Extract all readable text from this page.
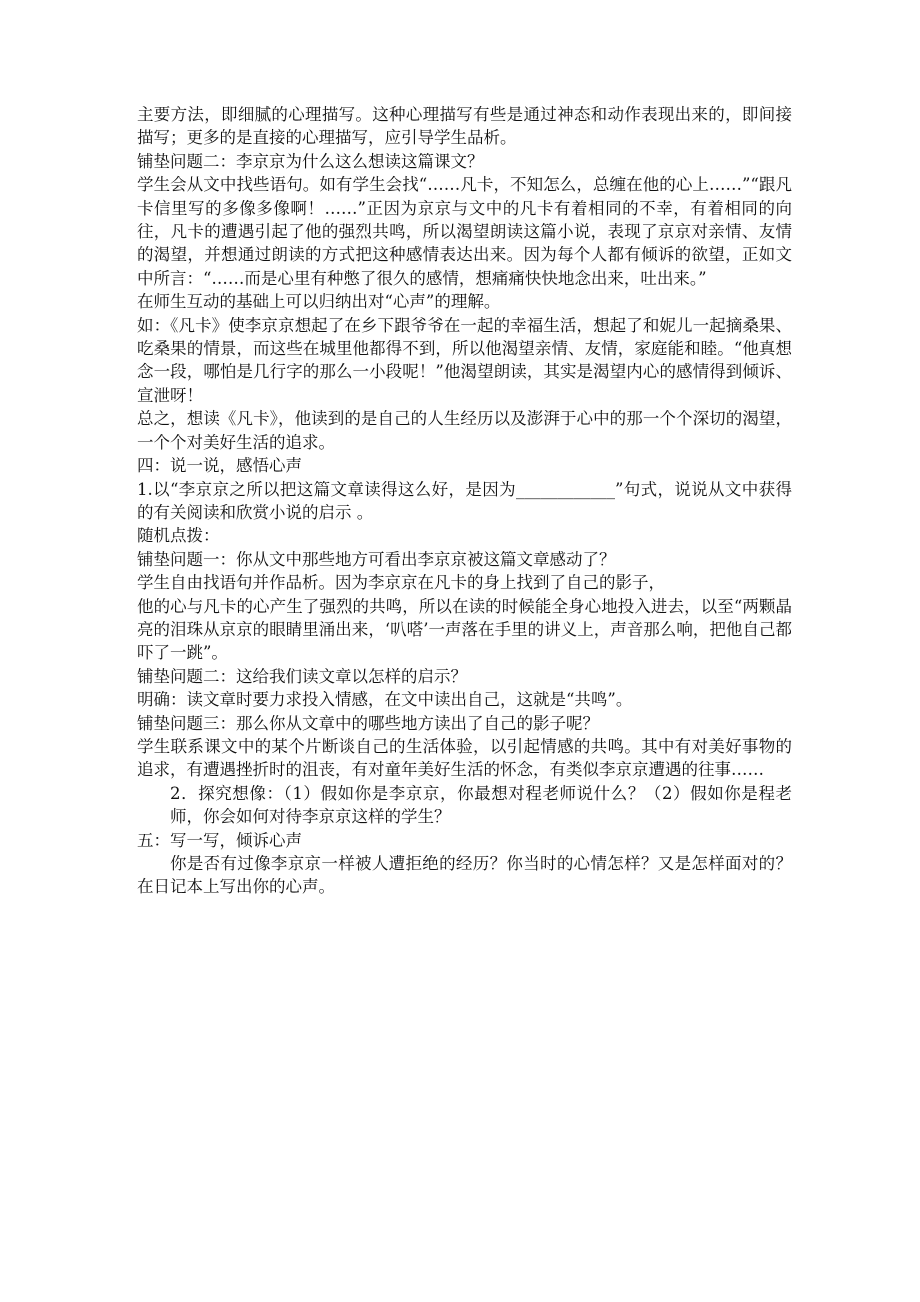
主要方法，即细腻的心理描写。这种心理描写有些是通过神态和动作表现出来的，即间接描写；更多的是直接的心理描写，应引导学生品析。

铺垫问题二：李京京为什么这么想读这篇课文？

学生会从文中找些语句。如有学生会找“……凡卡，不知怎么，总缠在他的心上……”“跟凡卡信里写的多像多像啊！……”正因为京京与文中的凡卡有着相同的不幸，有着相同的向往，凡卡的遭遇引起了他的强烈共鸣，所以渴望朗读这篇小说，表现了京京对亲情、友情的渴望，并想通过朗读的方式把这种感情表达出来。因为每个人都有倾诉的欲望，正如文中所言：“……而是心里有种憋了很久的感情，想痛痛快快地念出来，吐出来。”

在师生互动的基础上可以归纳出对“心声”的理解。

如：《凡卡》使李京京想起了在乡下跟爷爷在一起的幸福生活，想起了和妮儿一起摘桑果、吃桑果的情景，而这些在城里他都得不到，所以他渴望亲情、友情，家庭能和睦。“他真想念一段，哪怕是几行字的那么一小段呢！”他渴望朗读，其实是渴望内心的感情得到倾诉、宣泄呀！

总之，想读《凡卡》，他读到的是自己的人生经历以及澎湃于心中的那一个个深切的渴望，一个个对美好生活的追求。

四：说一说，感悟心声

1.以“李京京之所以把这篇文章读得这么好，是因为____________”句式，说说从文中获得的有关阅读和欣赏小说的启示 。

随机点拨：

铺垫问题一：你从文中那些地方可看出李京京被这篇文章感动了？

学生自由找语句并作品析。因为李京京在凡卡的身上找到了自己的影子，

他的心与凡卡的心产生了强烈的共鸣，所以在读的时候能全身心地投入进去，以至“两颗晶亮的泪珠从京京的眼睛里涌出来，‘叭嗒’一声落在手里的讲义上，声音那么响，把他自己都吓了一跳”。

铺垫问题二：这给我们读文章以怎样的启示？

明确：读文章时要力求投入情感，在文中读出自己，这就是“共鸣”。

铺垫问题三：那么你从文章中的哪些地方读出了自己的影子呢？

学生联系课文中的某个片断谈自己的生活体验，以引起情感的共鸣。其中有对美好事物的追求，有遭遇挫折时的沮丧，有对童年美好生活的怀念，有类似李京京遭遇的往事……

2．探究想像：（1）假如你是李京京，你最想对程老师说什么？（2）假如你是程老师，你会如何对待李京京这样的学生？

五：写一写，倾诉心声

你是否有过像李京京一样被人遭拒绝的经历？你当时的心情怎样？又是怎样面对的？在日记本上写出你的心声。
